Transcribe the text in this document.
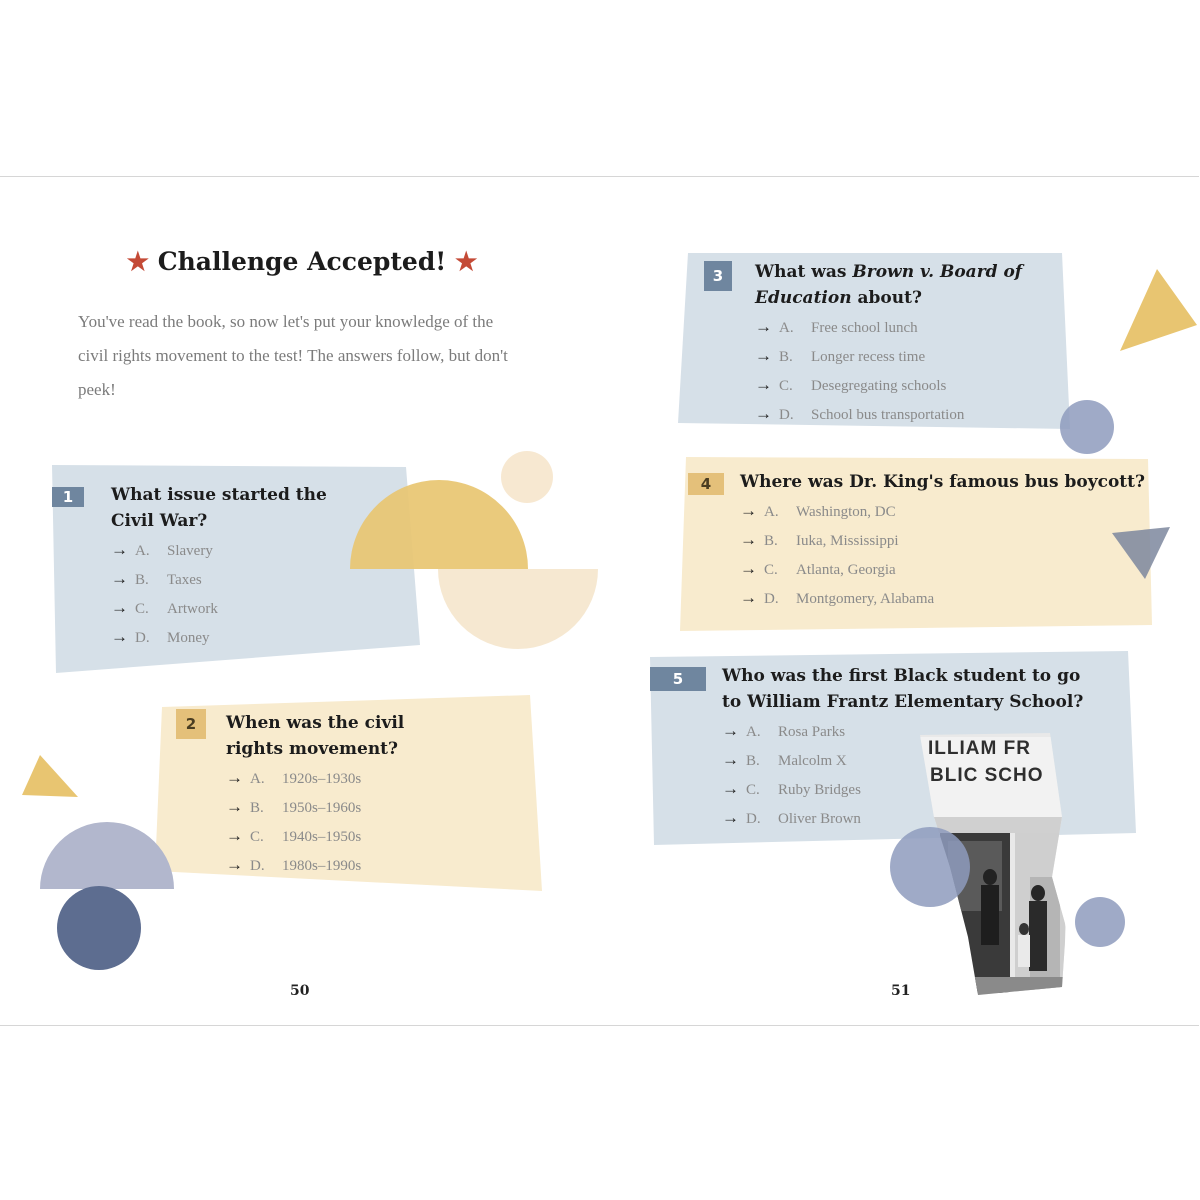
★ Challenge Accepted! ★
You've read the book, so now let's put your knowledge of the civil rights movement to the test! The answers follow, but don't peek!
ILLIAM FR
BLIC SCHO
1	What issue started the Civil War?
→ A. Slavery
→ B. Taxes
→ C. Artwork
→ D. Money
2	When was the civil rights movement?
→ A. 1920s–1930s
→ B. 1950s–1960s
→ C. 1940s–1950s
→ D. 1980s–1990s
3	What was Brown v. Board of Education about?
→ A. Free school lunch
→ B. Longer recess time
→ C. Desegregating schools
→ D. School bus transportation
4	Where was Dr. King's famous bus boycott?
→ A. Washington, DC
→ B. Iuka, Mississippi
→ C. Atlanta, Georgia
→ D. Montgomery, Alabama
5	Who was the first Black student to go to William Frantz Elementary School?
→ A. Rosa Parks
→ B. Malcolm X
→ C. Ruby Bridges
→ D. Oliver Brown
50	51
